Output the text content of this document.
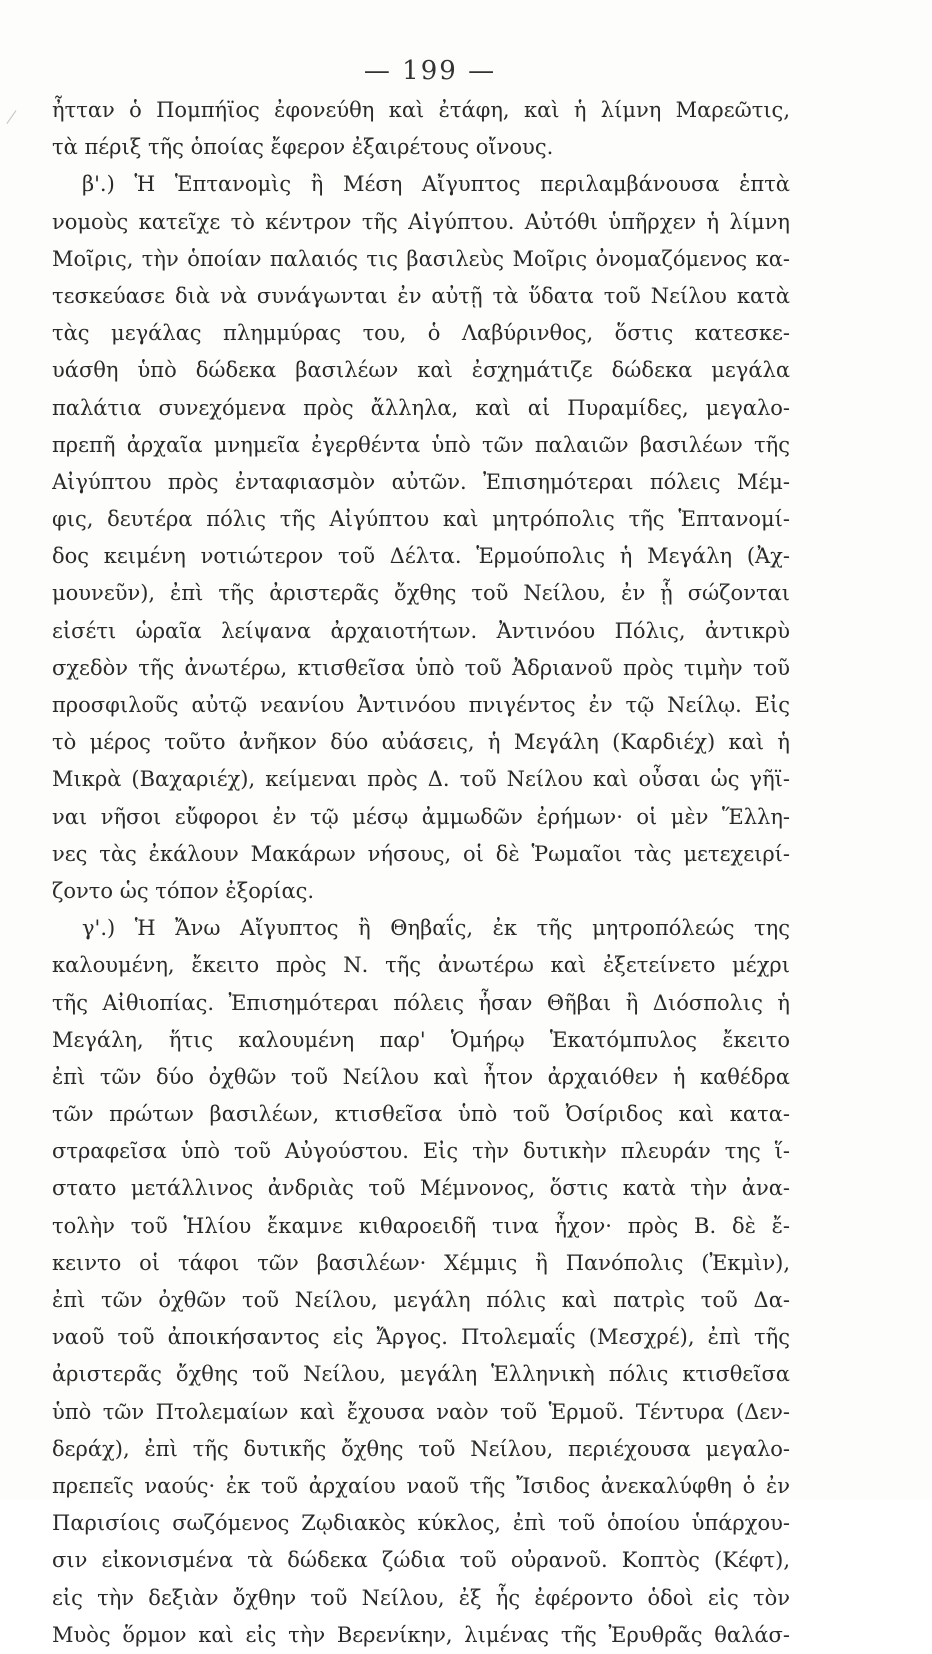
— 199 —
ἦτταν ὁ Πομπήϊος ἐφονεύθη καὶ ἐτάφη, καὶ ἡ λίμνη Μαρεῶτις,
τὰ πέριξ τῆς ὁποίας ἔφερον ἐξαιρέτους οἴνους.
β'.) Ἡ Ἑπτανομὶς ἢ Μέση Αἴγυπτος περιλαμβάνουσα ἑπτὰ
νομοὺς κατεῖχε τὸ κέντρον τῆς Αἰγύπτου. Αὐτόθι ὑπῆρχεν ἡ λίμνη
Μοῖρις, τὴν ὁποίαν παλαιός τις βασιλεὺς Μοῖρις ὀνομαζόμενος κα-
τεσκεύασε διὰ νὰ συνάγωνται ἐν αὐτῇ τὰ ὕδατα τοῦ Νείλου κατὰ
τὰς μεγάλας πλημμύρας του, ὁ Λαβύρινθος, ὅστις κατεσκε-
υάσθη ὑπὸ δώδεκα βασιλέων καὶ ἐσχημάτιζε δώδεκα μεγάλα
παλάτια συνεχόμενα πρὸς ἄλληλα, καὶ αἱ Πυραμίδες, μεγαλο-
πρεπῆ ἀρχαῖα μνημεῖα ἐγερθέντα ὑπὸ τῶν παλαιῶν βασιλέων τῆς
Αἰγύπτου πρὸς ἐνταφιασμὸν αὐτῶν. Ἐπισημότεραι πόλεις Μέμ-
φις, δευτέρα πόλις τῆς Αἰγύπτου καὶ μητρόπολις τῆς Ἑπτανομί-
δος κειμένη νοτιώτερον τοῦ Δέλτα. Ἑρμούπολις ἡ Μεγάλη (Ἀχ-
μουνεῦν), ἐπὶ τῆς ἀριστερᾶς ὄχθης τοῦ Νείλου, ἐν ᾗ σώζονται
εἰσέτι ὡραῖα λείψανα ἀρχαιοτήτων. Ἀντινόου Πόλις, ἀντικρὺ
σχεδὸν τῆς ἀνωτέρω, κτισθεῖσα ὑπὸ τοῦ Ἀδριανοῦ πρὸς τιμὴν τοῦ
προσφιλοῦς αὐτῷ νεανίου Ἀντινόου πνιγέντος ἐν τῷ Νείλῳ. Εἰς
τὸ μέρος τοῦτο ἀνῆκον δύο αὐάσεις, ἡ Μεγάλη (Καρδιέχ) καὶ ἡ
Μικρὰ (Βαχαριέχ), κείμεναι πρὸς Δ. τοῦ Νείλου καὶ οὖσαι ὡς γῆϊ-
ναι νῆσοι εὔφοροι ἐν τῷ μέσῳ ἀμμωδῶν ἐρήμων· οἱ μὲν Ἕλλη-
νες τὰς ἐκάλουν Μακάρων νήσους, οἱ δὲ Ῥωμαῖοι τὰς μετεχειρί-
ζοντο ὡς τόπον ἐξορίας.
γ'.) Ἡ Ἄνω Αἴγυπτος ἢ Θηβαΐς, ἐκ τῆς μητροπόλεώς της
καλουμένη, ἔκειτο πρὸς Ν. τῆς ἀνωτέρω καὶ ἐξετείνετο μέχρι
τῆς Αἰθιοπίας. Ἐπισημότεραι πόλεις ἦσαν Θῆβαι ἢ Διόσπολις ἡ
Μεγάλη, ἥτις καλουμένη παρ' Ὁμήρῳ Ἑκατόμπυλος ἔκειτο
ἐπὶ τῶν δύο ὀχθῶν τοῦ Νείλου καὶ ἦτον ἀρχαιόθεν ἡ καθέδρα
τῶν πρώτων βασιλέων, κτισθεῖσα ὑπὸ τοῦ Ὀσίριδος καὶ κατα-
στραφεῖσα ὑπὸ τοῦ Αὐγούστου. Εἰς τὴν δυτικὴν πλευράν της ἵ-
στατο μετάλλινος ἀνδριὰς τοῦ Μέμνονος, ὅστις κατὰ τὴν ἀνα-
τολὴν τοῦ Ἡλίου ἔκαμνε κιθαροειδῆ τινα ἦχον· πρὸς Β. δὲ ἔ-
κειντο οἱ τάφοι τῶν βασιλέων· Χέμμις ἢ Πανόπολις (Ἐκμὶν),
ἐπὶ τῶν ὀχθῶν τοῦ Νείλου, μεγάλη πόλις καὶ πατρὶς τοῦ Δα-
ναοῦ τοῦ ἀποικήσαντος εἰς Ἄργος. Πτολεμαΐς (Μεσχρέ), ἐπὶ τῆς
ἀριστερᾶς ὄχθης τοῦ Νείλου, μεγάλη Ἑλληνικὴ πόλις κτισθεῖσα
ὑπὸ τῶν Πτολεμαίων καὶ ἔχουσα ναὸν τοῦ Ἑρμοῦ. Τέντυρα (Δεν-
δεράχ), ἐπὶ τῆς δυτικῆς ὄχθης τοῦ Νείλου, περιέχουσα μεγαλο-
πρεπεῖς ναούς· ἐκ τοῦ ἀρχαίου ναοῦ τῆς Ἴσιδος ἀνεκαλύφθη ὁ ἐν
Παρισίοις σωζόμενος Ζῳδιακὸς κύκλος, ἐπὶ τοῦ ὁποίου ὑπάρχου-
σιν εἰκονισμένα τὰ δώδεκα ζώδια τοῦ οὐρανοῦ. Κοπτὸς (Κέφτ),
εἰς τὴν δεξιὰν ὄχθην τοῦ Νείλου, ἐξ ἧς ἐφέροντο ὁδοὶ εἰς τὸν
Μυὸς ὅρμον καὶ εἰς τὴν Βερενίκην, λιμένας τῆς Ἐρυθρᾶς θαλάσ-
